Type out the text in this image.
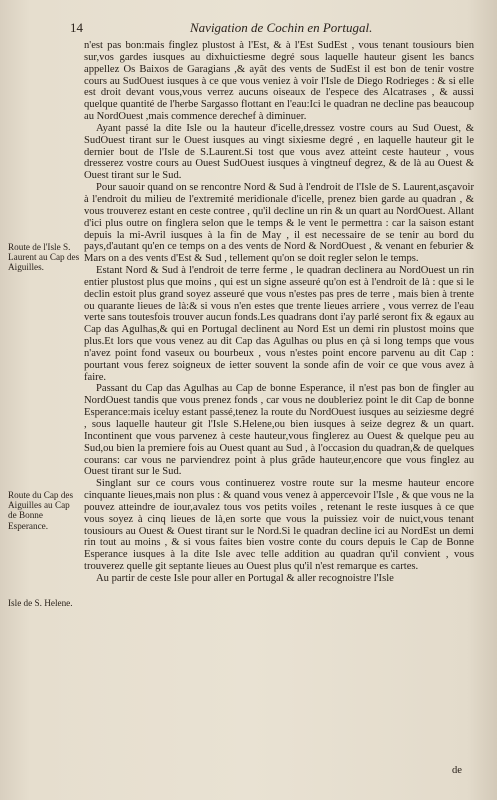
14	Navigation de Cochin en Portugal.
Route de l'Isle S. Laurent au Cap des Aiguilles.
Route du Cap des Aiguilles au Cap de Bonne Esperance.
Isle de S. Helene.

n'est pas bon:mais finglez plustost à l'Est, & à l'Est SudEst , vous tenant tousiours bien sur,vos gardes iusques au dixhuictiesme degré sous laquelle hauteur gisent les bancs appellez Os Baixos de Garagians ,& ayãt des vents de SudEst il est bon de tenir vostre cours au SudOuest iusques à ce que vous veniez à voir l'Isle de Diego Rodrieges : & si elle est droit devant vous,vous verrez aucuns oiseaux de l'espece des Alcatrases , & aussi quelque quantité de l'herbe Sargasso flottant en l'eau:Ici le quadran ne decline pas beaucoup au NordOuest ,mais commence derechef à diminuer.

Ayant passé la dite Isle ou la hauteur d'icelle,dressez vostre cours au Sud Ouest, & SudOuest tirant sur le Ouest iusques au vingt sixiesme degré , en laquelle hauteur git le dernier bout de l'Isle de S.Laurent.Si tost que vous avez atteint ceste hauteur , vous dresserez vostre cours au Ouest SudOuest iusques à vingtneuf degrez, & de là au Ouest & Ouest tirant sur le Sud.

Pour sauoir quand on se rencontre Nord & Sud à l'endroit de l'Isle de S. Laurent,asçavoir à l'endroit du milieu de l'extremité meridionale d'icelle, prenez bien garde au quadran , & vous trouverez estant en ceste contree , qu'il decline un rin & un quart au NordOuest. Allant d'ici plus outre on finglera selon que le temps & le vent le permettra : car la saison estant depuis la mi-Avril iusques à la fin de May , il est necessaire de se tenir au bord du pays,d'autant qu'en ce temps on a des vents de Nord & NordOuest , & venant en feburier & Mars on a des vents d'Est & Sud , tellement qu'on se doit regler selon le temps.

Estant Nord & Sud à l'endroit de terre ferme , le quadran declinera au NordOuest un rin entier plustost plus que moins , qui est un signe asseuré qu'on est à l'endroit de là : que si le declin estoit plus grand soyez asseuré que vous n'estes pas pres de terre , mais bien à trente ou quarante lieues de là:& si vous n'en estes que trente lieues arriere , vous verrez de l'eau verte sans toutesfois trouver aucun fonds.Les quadrans dont i'ay parlé seront fix & egaux au Cap das Agulhas,& qui en Portugal declinent au Nord Est un demi rin plustost moins que plus.Et lors que vous venez au dit Cap das Agulhas ou plus en çà si long temps que vous n'avez point fond vaseux ou bourbeux , vous n'estes point encore parvenu au dit Cap : pourtant vous ferez soigneux de ietter souvent la sonde afin de voir ce que vous avez à faire.

Passant du Cap das Agulhas au Cap de bonne Esperance, il n'est pas bon de fingler au NordOuest tandis que vous prenez fonds , car vous ne doubleriez point le dit Cap de bonne Esperance:mais iceluy estant passé,tenez la route du NordOuest iusques au seiziesme degré , sous laquelle hauteur git l'Isle S.Helene,ou bien iusques à seize degrez & un quart. Incontinent que vous parvenez à ceste hauteur,vous finglerez au Ouest & quelque peu au Sud,ou bien la premiere fois au Ouest quant au Sud , à l'occasion du quadran,& de quelques courans: car vous ne parviendrez point à plus grãde hauteur,encore que vous finglez au Ouest tirant sur le Sud.

Singlant sur ce cours vous continuerez vostre route sur la mesme hauteur encore cinquante lieues,mais non plus : & quand vous venez à appercevoir l'Isle , & que vous ne la pouvez atteindre de iour,avalez tous vos petits voiles , retenant le reste iusques à ce que vous soyez à cinq lieues de là,en sorte que vous la puissiez voir de nuict,vous tenant tousiours au Ouest & Ouest tirant sur le Nord.Si le quadran decline ici au NordEst un demi rin tout au moins , & si vous faites bien vostre conte du cours depuis le Cap de Bonne Esperance iusques à la dite Isle avec telle addition au quadran qu'il convient , vous trouverez quelle git septante lieues au Ouest plus qu'il n'est remarque es cartes.

Au partir de ceste Isle pour aller en Portugal & aller recognoistre l'Isle

de
